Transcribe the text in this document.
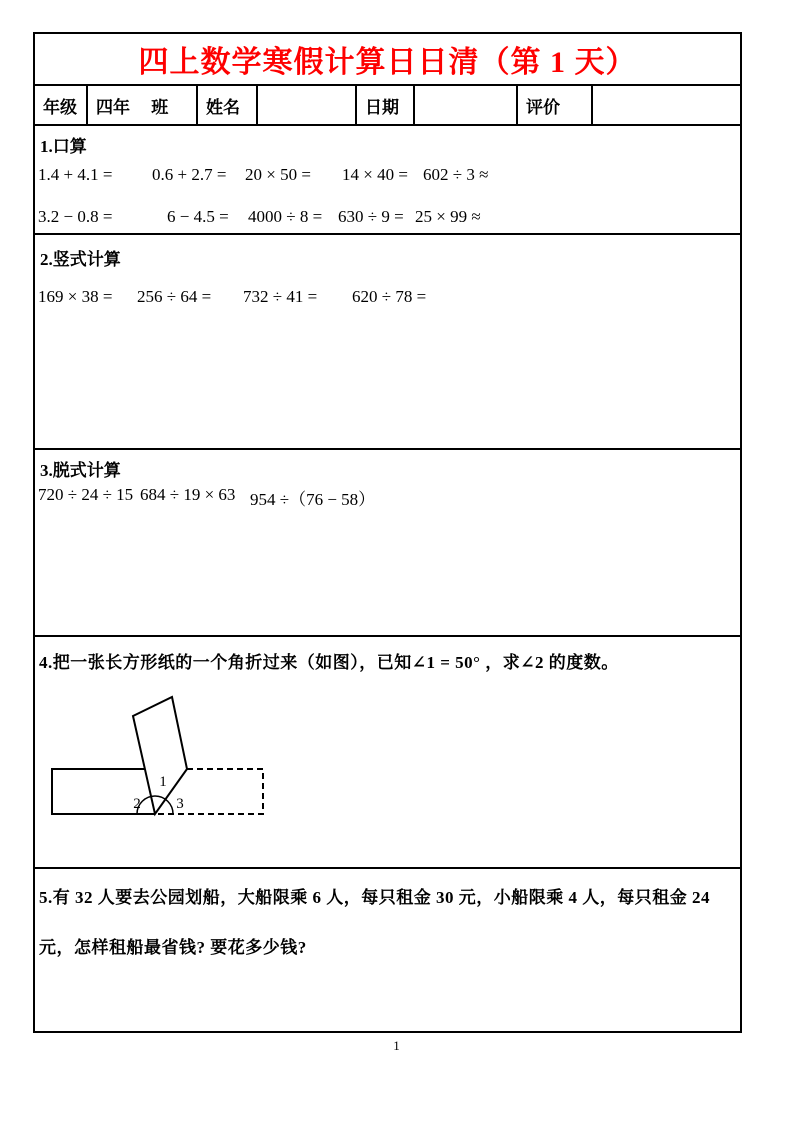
四上数学寒假计算日日清（第 1 天）
年级	四年　 班	姓名	日期	评价
1.口算
1.4 + 4.1 = 0.6 + 2.7 = 20 × 50 = 14 × 40 = 602 ÷ 3 ≈
3.2 − 0.8 =	6 − 4.5 = 4000 ÷ 8 = 630 ÷ 9 = 25 × 99 ≈
2.竖式计算
169 × 38 = 256 ÷ 64 = 732 ÷ 41 = 620 ÷ 78 =
3.脱式计算
720 ÷ 24 ÷ 15 684 ÷ 19 × 63 954 ÷（76 − 58）
4.把一张长方形纸的一个角折过来（如图），已知∠1 = 50° ，求∠2 的度数。
1
2 3
5.有 32 人要去公园划船，大船限乘 6 人，每只租金 30 元，小船限乘 4 人，每只租金 24 元，怎样租船最省钱? 要花多少钱?
1
